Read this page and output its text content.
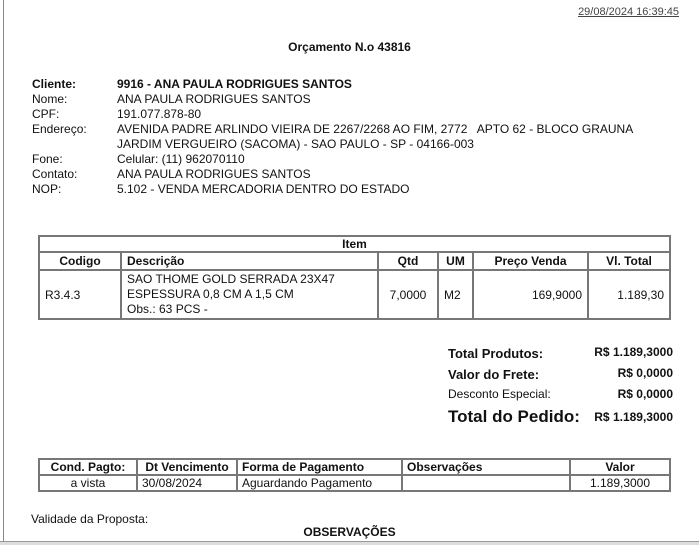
29/08/2024 16:39:45
Orçamento N.o 43816
Cliente:	9916 - ANA PAULA RODRIGUES SANTOS
Nome:	ANA PAULA RODRIGUES SANTOS
CPF:	191.077.878-80
Endereço:	AVENIDA PADRE ARLINDO VIEIRA DE 2267/2268 AO FIM, 2772   APTO 62 - BLOCO GRAUNA
JARDIM VERGUEIRO (SACOMA) - SAO PAULO - SP - 04166-003
Fone:	Celular: (11) 962070110
Contato:	ANA PAULA RODRIGUES SANTOS
NOP:	5.102 - VENDA MERCADORIA DENTRO DO ESTADO
Item					
Codigo	Descrição	Qtd	UM	Preço Venda	Vl. Total
R3.4.3	SAO THOME GOLD SERRADA 23X47
ESPESSURA 0,8 CM A 1,5 CM
Obs.: 63 PCS -	7,0000	M2	169,9000	1.189,30
Total Produtos:	R$ 1.189,3000
Valor do Frete:	R$ 0,0000
Desconto Especial:	R$ 0,0000
Total do Pedido: R$ 1.189,3000
Cond. Pagto:	Dt Vencimento	Forma de Pagamento	Observações	Valor
a vista	30/08/2024	Aguardando Pagamento		1.189,3000
Validade da Proposta:
OBSERVAÇÕES
